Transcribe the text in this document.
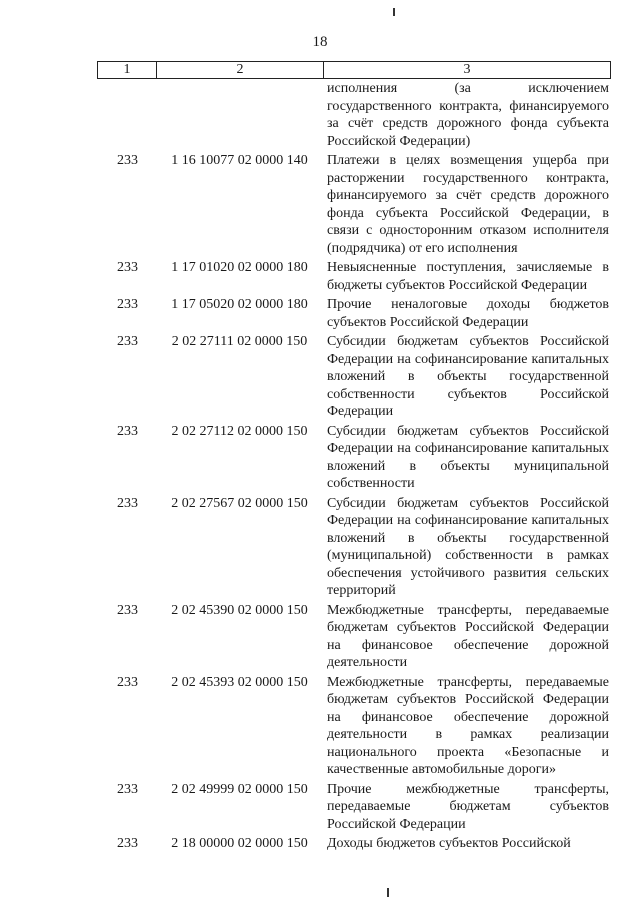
18
1	2	3
исполнения (за исключением государственного контракта, финансируемого за счёт средств дорожного фонда субъекта Российской Федерации)
233	1 16 10077 02 0000 140	Платежи в целях возмещения ущерба при расторжении государственного контракта, финансируемого за счёт средств дорожного фонда субъекта Российской Федерации, в связи с односторонним отказом исполнителя (подрядчика) от его исполнения
233	1 17 01020 02 0000 180	Невыясненные поступления, зачисляемые в бюджеты субъектов Российской Федерации
233	1 17 05020 02 0000 180	Прочие неналоговые доходы бюджетов субъектов Российской Федерации
233	2 02 27111 02 0000 150	Субсидии бюджетам субъектов Российской Федерации на софинансирование капитальных вложений в объекты государственной собственности субъектов Российской Федерации
233	2 02 27112 02 0000 150	Субсидии бюджетам субъектов Российской Федерации на софинансирование капитальных вложений в объекты муниципальной собственности
233	2 02 27567 02 0000 150	Субсидии бюджетам субъектов Российской Федерации на софинансирование капитальных вложений в объекты государственной (муниципальной) собственности в рамках обеспечения устойчивого развития сельских территорий
233	2 02 45390 02 0000 150	Межбюджетные трансферты, передаваемые бюджетам субъектов Российской Федерации на финансовое обеспечение дорожной деятельности
233	2 02 45393 02 0000 150	Межбюджетные трансферты, передаваемые бюджетам субъектов Российской Федерации на финансовое обеспечение дорожной деятельности в рамках реализации национального проекта «Безопасные и качественные автомобильные дороги»
233	2 02 49999 02 0000 150	Прочие межбюджетные трансферты, передаваемые бюджетам субъектов Российской Федерации
233	2 18 00000 02 0000 150	Доходы бюджетов субъектов Российской
